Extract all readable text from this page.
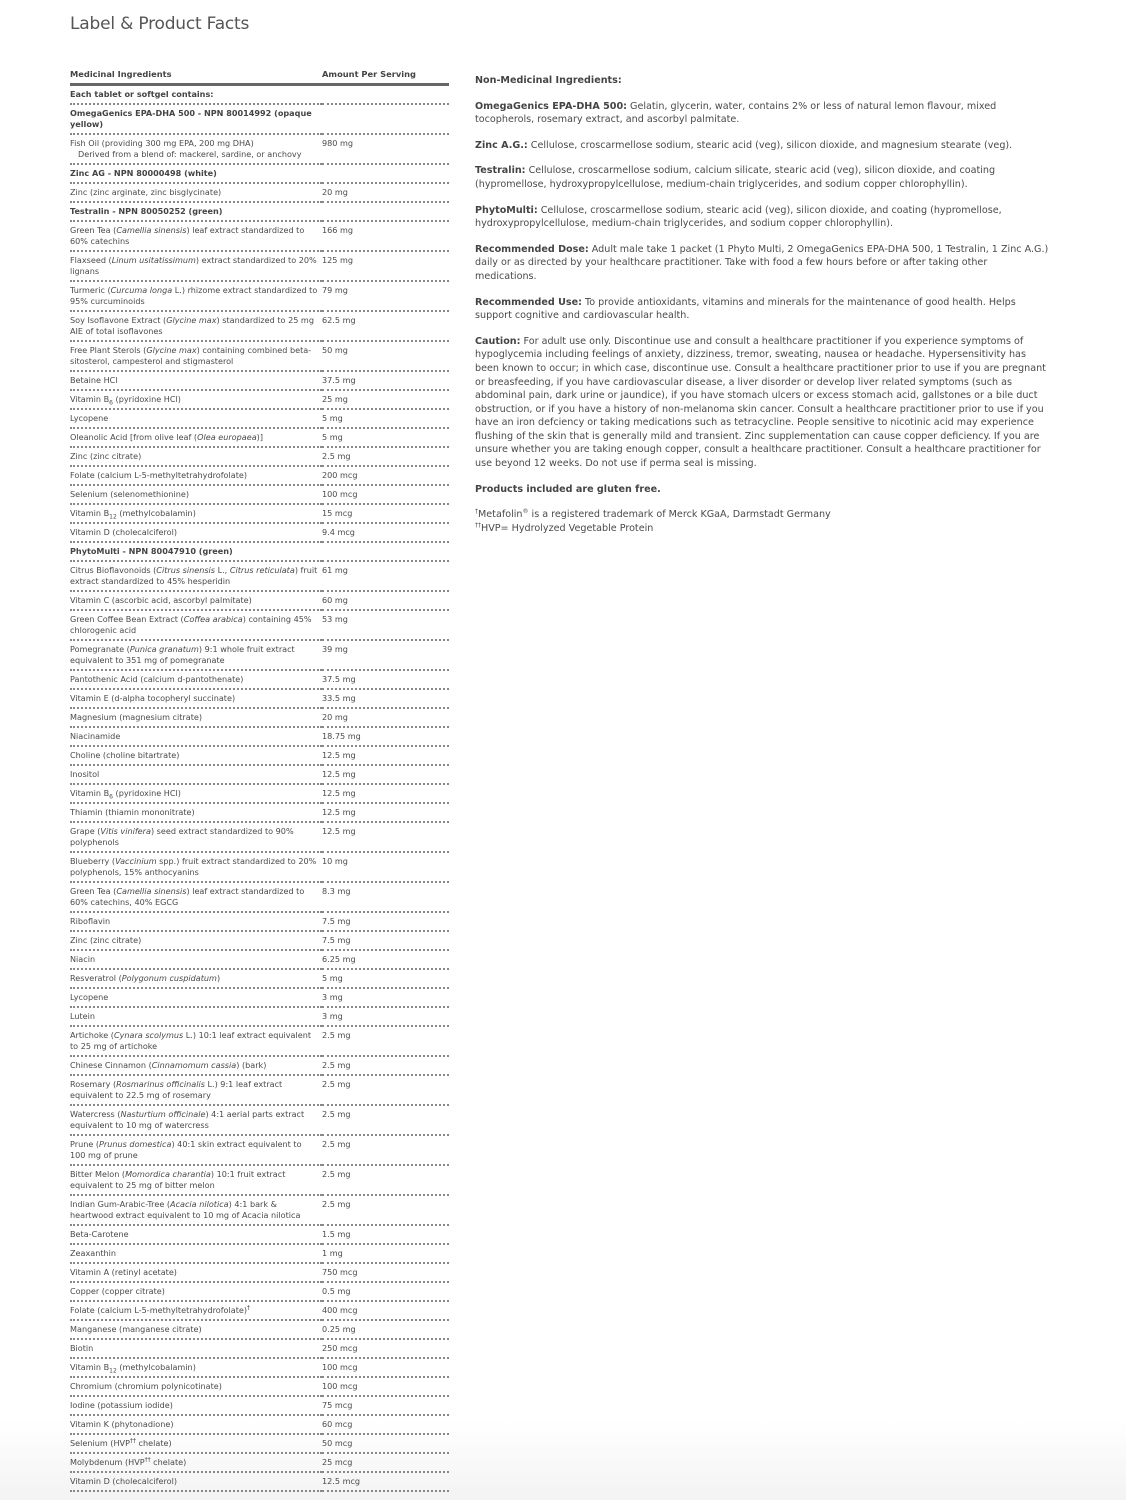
Label & Product Facts
Medicinal Ingredients	Amount Per Serving
Each tablet or softgel contains:	
OmegaGenics EPA-DHA 500 - NPN 80014992 (opaque yellow)	
Fish Oil (providing 300 mg EPA, 200 mg DHA)
Derived from a blend of: mackerel, sardine, or anchovy	980 mg
Zinc AG - NPN 80000498 (white)	
Zinc (zinc arginate, zinc bisglycinate)	20 mg
Testralin - NPN 80050252 (green)	
Green Tea (Camellia sinensis) leaf extract standardized to 60% catechins	166 mg
Flaxseed (Linum usitatissimum) extract standardized to 20% lignans	125 mg
Turmeric (Curcuma longa L.) rhizome extract standardized to 95% curcuminoids	79 mg
Soy Isoflavone Extract (Glycine max) standardized to 25 mg AIE of total isoflavones	62.5 mg
Free Plant Sterols (Glycine max) containing combined beta-sitosterol, campesterol and stigmasterol	50 mg
Betaine HCl	37.5 mg
Vitamin $B_6$ (pyridoxine HCl)	25 mg
Lycopene	5 mg
Oleanolic Acid [from olive leaf (Olea europaea)]	5 mg
Zinc (zinc citrate)	2.5 mg
Folate (calcium L-5-methyltetrahydrofolate)	200 mcg
Selenium (selenomethionine)	100 mcg
Vitamin $B_{12}$ (methylcobalamin)	15 mcg
Vitamin D (cholecalciferol)	9.4 mcg
PhytoMulti - NPN 80047910 (green)	
Citrus Bioflavonoids (Citrus sinensis L., Citrus reticulata) fruit extract standardized to 45% hesperidin	61 mg
Vitamin C (ascorbic acid, ascorbyl palmitate)	60 mg
Green Coffee Bean Extract (Coffea arabica) containing 45% chlorogenic acid	53 mg
Pomegranate (Punica granatum) 9:1 whole fruit extract equivalent to 351 mg of pomegranate	39 mg
Pantothenic Acid (calcium d-pantothenate)	37.5 mg
Vitamin E (d-alpha tocopheryl succinate)	33.5 mg
Magnesium (magnesium citrate)	20 mg
Niacinamide	18.75 mg
Choline (choline bitartrate)	12.5 mg
Inositol	12.5 mg
Vitamin $B_6$ (pyridoxine HCl)	12.5 mg
Thiamin (thiamin mononitrate)	12.5 mg
Grape (Vitis vinifera) seed extract standardized to 90% polyphenols	12.5 mg
Blueberry (Vaccinium spp.) fruit extract standardized to 20% polyphenols, 15% anthocyanins	10 mg
Green Tea (Camellia sinensis) leaf extract standardized to 60% catechins, 40% EGCG	8.3 mg
Riboflavin	7.5 mg
Zinc (zinc citrate)	7.5 mg
Niacin	6.25 mg
Resveratrol (Polygonum cuspidatum)	5 mg
Lycopene	3 mg
Lutein	3 mg
Artichoke (Cynara scolymus L.) 10:1 leaf extract equivalent to 25 mg of artichoke	2.5 mg
Chinese Cinnamon (Cinnamomum cassia) (bark)	2.5 mg
Rosemary (Rosmarinus officinalis L.) 9:1 leaf extract equivalent to 22.5 mg of rosemary	2.5 mg
Watercress (Nasturtium officinale) 4:1 aerial parts extract equivalent to 10 mg of watercress	2.5 mg
Prune (Prunus domestica) 40:1 skin extract equivalent to 100 mg of prune	2.5 mg
Bitter Melon (Momordica charantia) 10:1 fruit extract equivalent to 25 mg of bitter melon	2.5 mg
Indian Gum-Arabic-Tree (Acacia nilotica) 4:1 bark & heartwood extract equivalent to 10 mg of Acacia nilotica	2.5 mg
Beta-Carotene	1.5 mg
Zeaxanthin	1 mg
Vitamin A (retinyl acetate)	750 mcg
Copper (copper citrate)	0.5 mg
Folate (calcium L-5-methyltetrahydrofolate)†	400 mcg
Manganese (manganese citrate)	0.25 mg
Biotin	250 mcg
Vitamin $B_{12}$ (methylcobalamin)	100 mcg
Chromium (chromium polynicotinate)	100 mcg
Iodine (potassium iodide)	75 mcg
Vitamin K (phytonadione)	60 mcg
Selenium (HVP†† chelate)	50 mcg
Molybdenum (HVP†† chelate)	25 mcg
Vitamin D (cholecalciferol)	12.5 mcg

Non-Medicinal Ingredients:

OmegaGenics EPA-DHA 500: Gelatin, glycerin, water, contains 2% or less of natural lemon flavour, mixed tocopherols, rosemary extract, and ascorbyl palmitate.

Zinc A.G.: Cellulose, croscarmellose sodium, stearic acid (veg), silicon dioxide, and magnesium stearate (veg).

Testralin: Cellulose, croscarmellose sodium, calcium silicate, stearic acid (veg), silicon dioxide, and coating (hypromellose, hydroxypropylcellulose, medium-chain triglycerides, and sodium copper chlorophyllin).

PhytoMulti: Cellulose, croscarmellose sodium, stearic acid (veg), silicon dioxide, and coating (hypromellose, hydroxypropylcellulose, medium-chain triglycerides, and sodium copper chlorophyllin).

Recommended Dose: Adult male take 1 packet (1 Phyto Multi, 2 OmegaGenics EPA-DHA 500, 1 Testralin, 1 Zinc A.G.) daily or as directed by your healthcare practitioner. Take with food a few hours before or after taking other medications.

Recommended Use: To provide antioxidants, vitamins and minerals for the maintenance of good health. Helps support cognitive and cardiovascular health.

Caution: For adult use only. Discontinue use and consult a healthcare practitioner if you experience symptoms of hypoglycemia including feelings of anxiety, dizziness, tremor, sweating, nausea or headache. Hypersensitivity has been known to occur; in which case, discontinue use. Consult a healthcare practitioner prior to use if you are pregnant or breasfeeding, if you have cardiovascular disease, a liver disorder or develop liver related symptoms (such as abdominal pain, dark urine or jaundice), if you have stomach ulcers or excess stomach acid, gallstones or a bile duct obstruction, or if you have a history of non-melanoma skin cancer. Consult a healthcare practitioner prior to use if you have an iron defciency or taking medications such as tetracycline. People sensitive to nicotinic acid may experience flushing of the skin that is generally mild and transient. Zinc supplementation can cause copper deficiency. If you are unsure whether you are taking enough copper, consult a healthcare practitioner. Consult a healthcare practitioner for use beyond 12 weeks. Do not use if perma seal is missing.

Products included are gluten free.

†Metafolin® is a registered trademark of Merck KGaA, Darmstadt Germany
††HVP= Hydrolyzed Vegetable Protein
